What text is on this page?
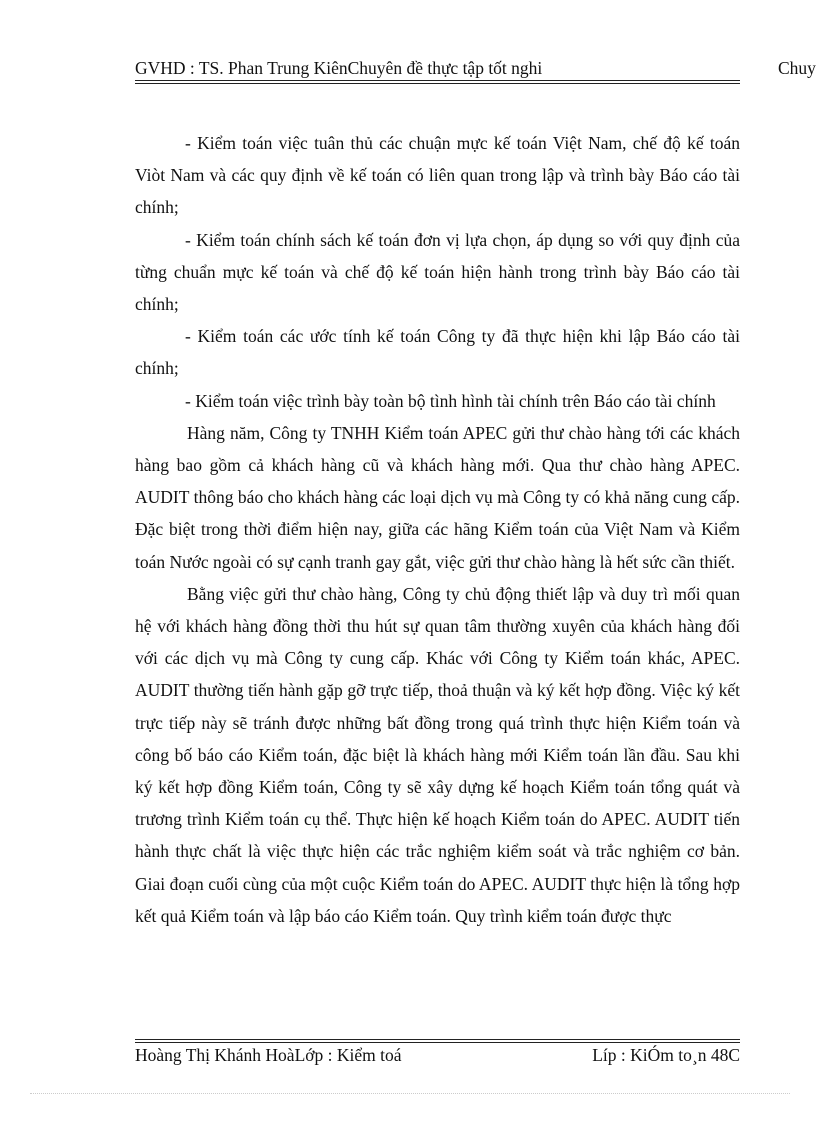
GVHD : TS. Phan Trung KiênChuyên đề thực tập tốt nghi	Chuy

- Kiểm toán việc tuân thủ các chuận mực kế toán Việt Nam, chế độ kế toán Viòt Nam và các quy định về kế toán có liên quan trong lập và trình bày Báo cáo tài chính;

- Kiểm toán chính sách kế toán đơn vị lựa chọn, áp dụng so với quy định của từng chuẩn mực kế toán và chế độ kế toán hiện hành trong trình bày Báo cáo tài chính;

- Kiểm toán các ước tính kế toán Công ty đã thực hiện khi lập Báo cáo tài chính;

- Kiểm toán việc trình bày toàn bộ tình hình tài chính trên Báo cáo tài chính

Hàng năm, Công ty TNHH Kiểm toán APEC gửi thư chào hàng tới các khách hàng bao gồm cả khách hàng cũ và khách hàng mới. Qua thư chào hàng APEC. AUDIT thông báo cho khách hàng các loại dịch vụ mà Công ty có khả năng cung cấp. Đặc biệt trong thời điểm hiện nay, giữa các hãng Kiểm toán của Việt Nam và Kiểm toán Nước ngoài có sự cạnh tranh gay gắt, việc gửi thư chào hàng là hết sức cần thiết.

Bằng việc gửi thư chào hàng, Công ty chủ động thiết lập và duy trì mối quan hệ với khách hàng đồng thời thu hút sự quan tâm thường xuyên của khách hàng đối với các dịch vụ mà Công ty cung cấp. Khác với Công ty Kiểm toán khác, APEC. AUDIT thường tiến hành gặp gỡ trực tiếp, thoả thuận và ký kết hợp đồng. Việc ký kết trực tiếp này sẽ tránh được những bất đồng trong quá trình thực hiện Kiểm toán và công bố báo cáo Kiểm toán, đặc biệt là khách hàng mới Kiểm toán lần đầu. Sau khi ký kết hợp đồng Kiểm toán, Công ty sẽ xây dựng kế hoạch Kiểm toán tổng quát và trương trình Kiểm toán cụ thể. Thực hiện kế hoạch Kiểm toán do APEC. AUDIT tiến hành thực chất là việc thực hiện các trắc nghiệm kiểm soát và trắc nghiệm cơ bản. Giai đoạn cuối cùng của một cuộc Kiểm toán do APEC. AUDIT thực hiện là tổng hợp kết quả Kiểm toán và lập báo cáo Kiểm toán. Quy trình kiểm toán được thực

Hoàng Thị Khánh HoàLớp : Kiểm toá	Líp : KiÓm to¸n 48C
